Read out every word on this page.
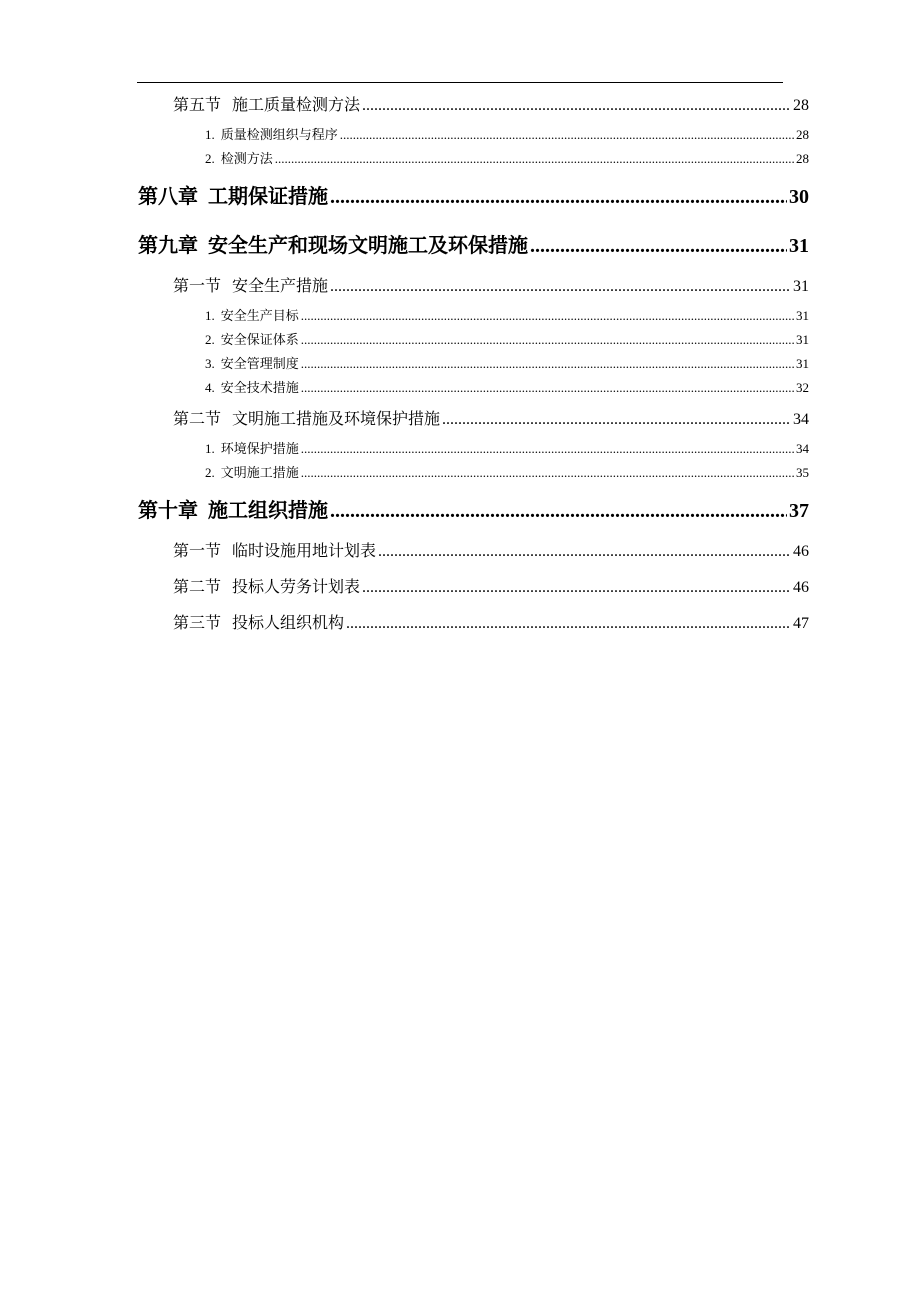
第五节 施工质量检测方法 .....	28
1. 质量检测组织与程序 .....	28
2. 检测方法 .....	28
第八章 工期保证措施 .....	30
第九章 安全生产和现场文明施工及环保措施 .....	31
第一节 安全生产措施 .....	31
1. 安全生产目标 .....	31
2. 安全保证体系 .....	31
3. 安全管理制度 .....	31
4. 安全技术措施 .....	32
第二节 文明施工措施及环境保护措施 .....	34
1. 环境保护措施 .....	34
2. 文明施工措施 .....	35
第十章 施工组织措施 .....	37
第一节 临时设施用地计划表 .....	46
第二节 投标人劳务计划表 .....	46
第三节 投标人组织机构 .....	47
